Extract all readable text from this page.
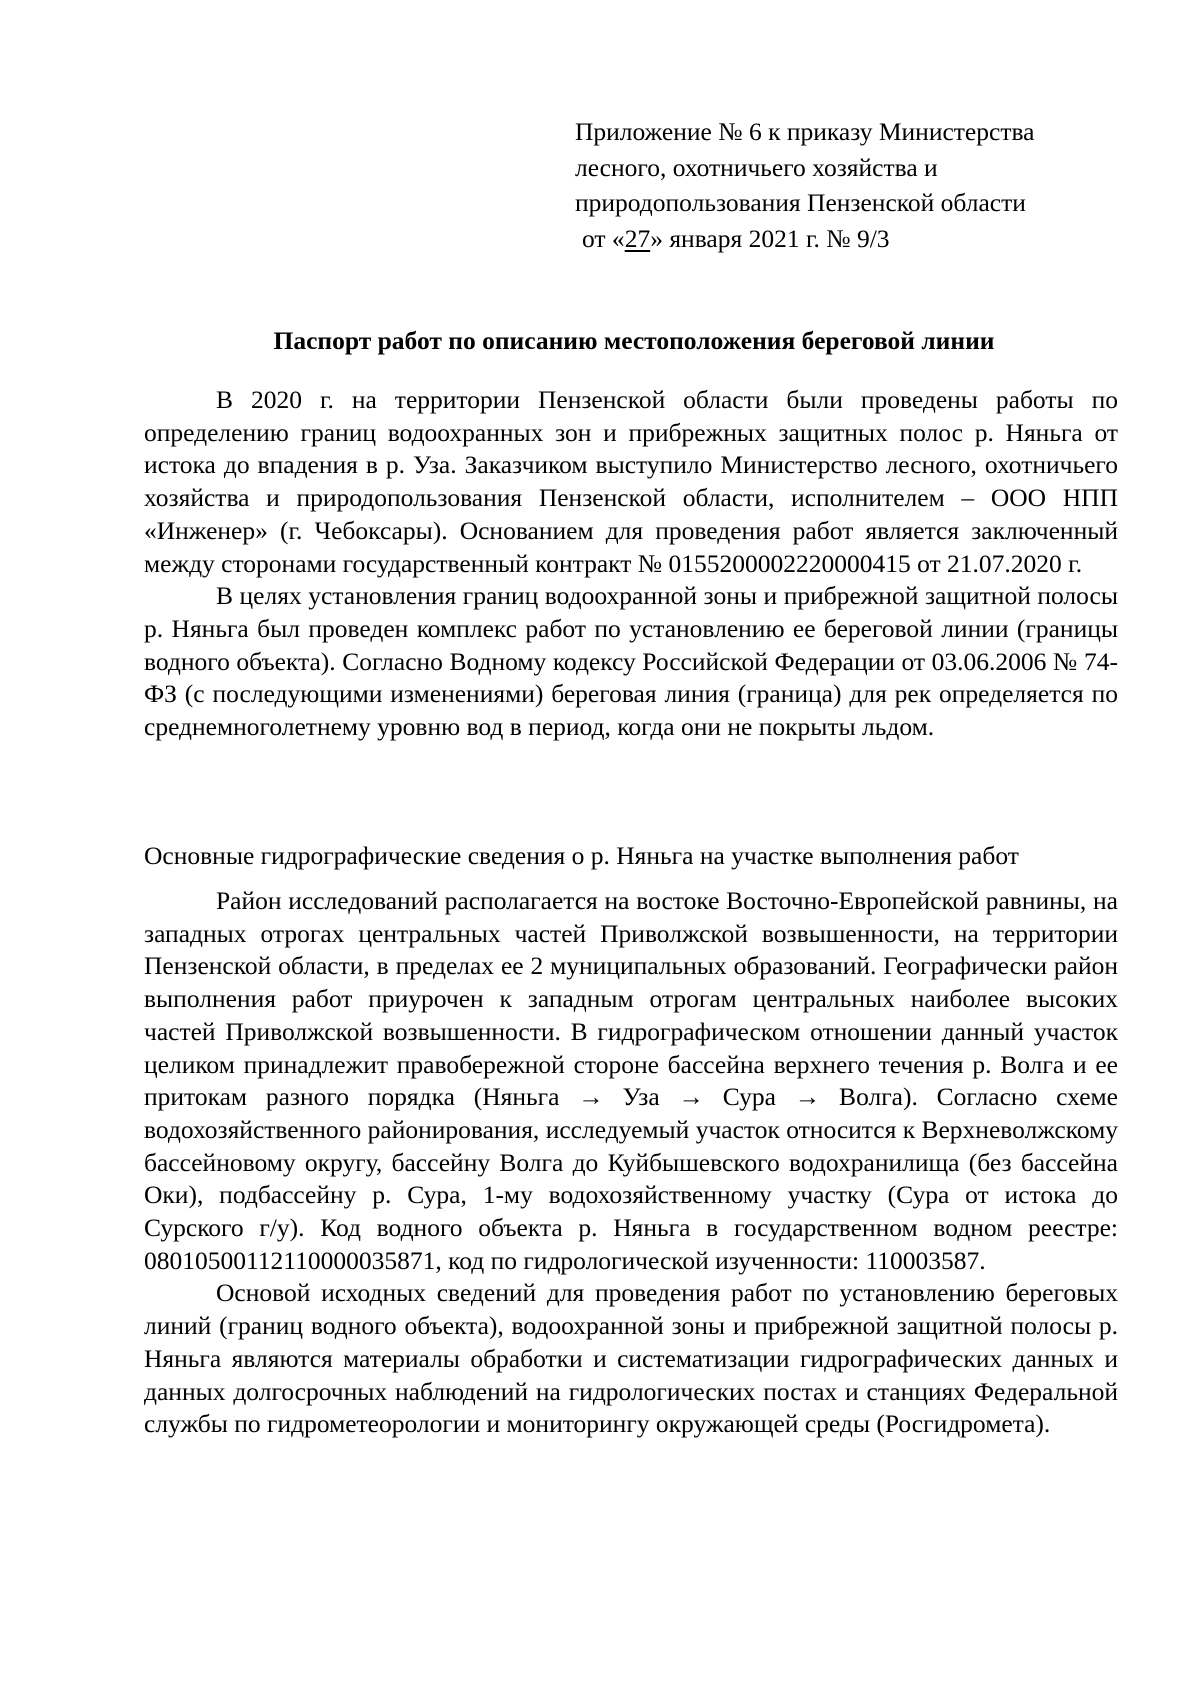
Приложение № 6 к приказу Министерства
лесного, охотничьего хозяйства и
природопользования Пензенской области
от «27» января 2021 г. № 9/3
Паспорт работ по описанию местоположения береговой линии

В 2020 г. на территории Пензенской области были проведены работы по определению границ водоохранных зон и прибрежных защитных полос р. Няньга от истока до впадения в р. Уза. Заказчиком выступило Министерство лесного, охотничьего хозяйства и природопользования Пензенской области, исполнителем – ООО НПП «Инженер» (г. Чебоксары). Основанием для проведения работ является заключенный между сторонами государственный контракт № 0155200002220000415 от 21.07.2020 г.

В целях установления границ водоохранной зоны и прибрежной защитной полосы р. Няньга был проведен комплекс работ по установлению ее береговой линии (границы водного объекта). Согласно Водному кодексу Российской Федерации от 03.06.2006 № 74-ФЗ (с последующими изменениями) береговая линия (граница) для рек определяется по среднемноголетнему уровню вод в период, когда они не покрыты льдом.

Основные гидрографические сведения о р. Няньга на участке выполнения работ

Район исследований располагается на востоке Восточно-Европейской равнины, на западных отрогах центральных частей Приволжской возвышенности, на территории Пензенской области, в пределах ее 2 муниципальных образований. Географически район выполнения работ приурочен к западным отрогам центральных наиболее высоких частей Приволжской возвышенности. В гидрографическом отношении данный участок целиком принадлежит правобережной стороне бассейна верхнего течения р. Волга и ее притокам разного порядка (Няньга → Уза → Сура → Волга). Согласно схеме водохозяйственного районирования, исследуемый участок относится к Верхневолжскому бассейновому округу, бассейну Волга до Куйбышевского водохранилища (без бассейна Оки), подбассейну р. Сура, 1-му водохозяйственному участку (Сура от истока до Сурского г/у). Код водного объекта р. Няньга в государственном водном реестре: 08010500112110000035871, код по гидрологической изученности: 110003587.

Основой исходных сведений для проведения работ по установлению береговых линий (границ водного объекта), водоохранной зоны и прибрежной защитной полосы р. Няньга являются материалы обработки и систематизации гидрографических данных и данных долгосрочных наблюдений на гидрологических постах и станциях Федеральной службы по гидрометеорологии и мониторингу окружающей среды (Росгидромета).
